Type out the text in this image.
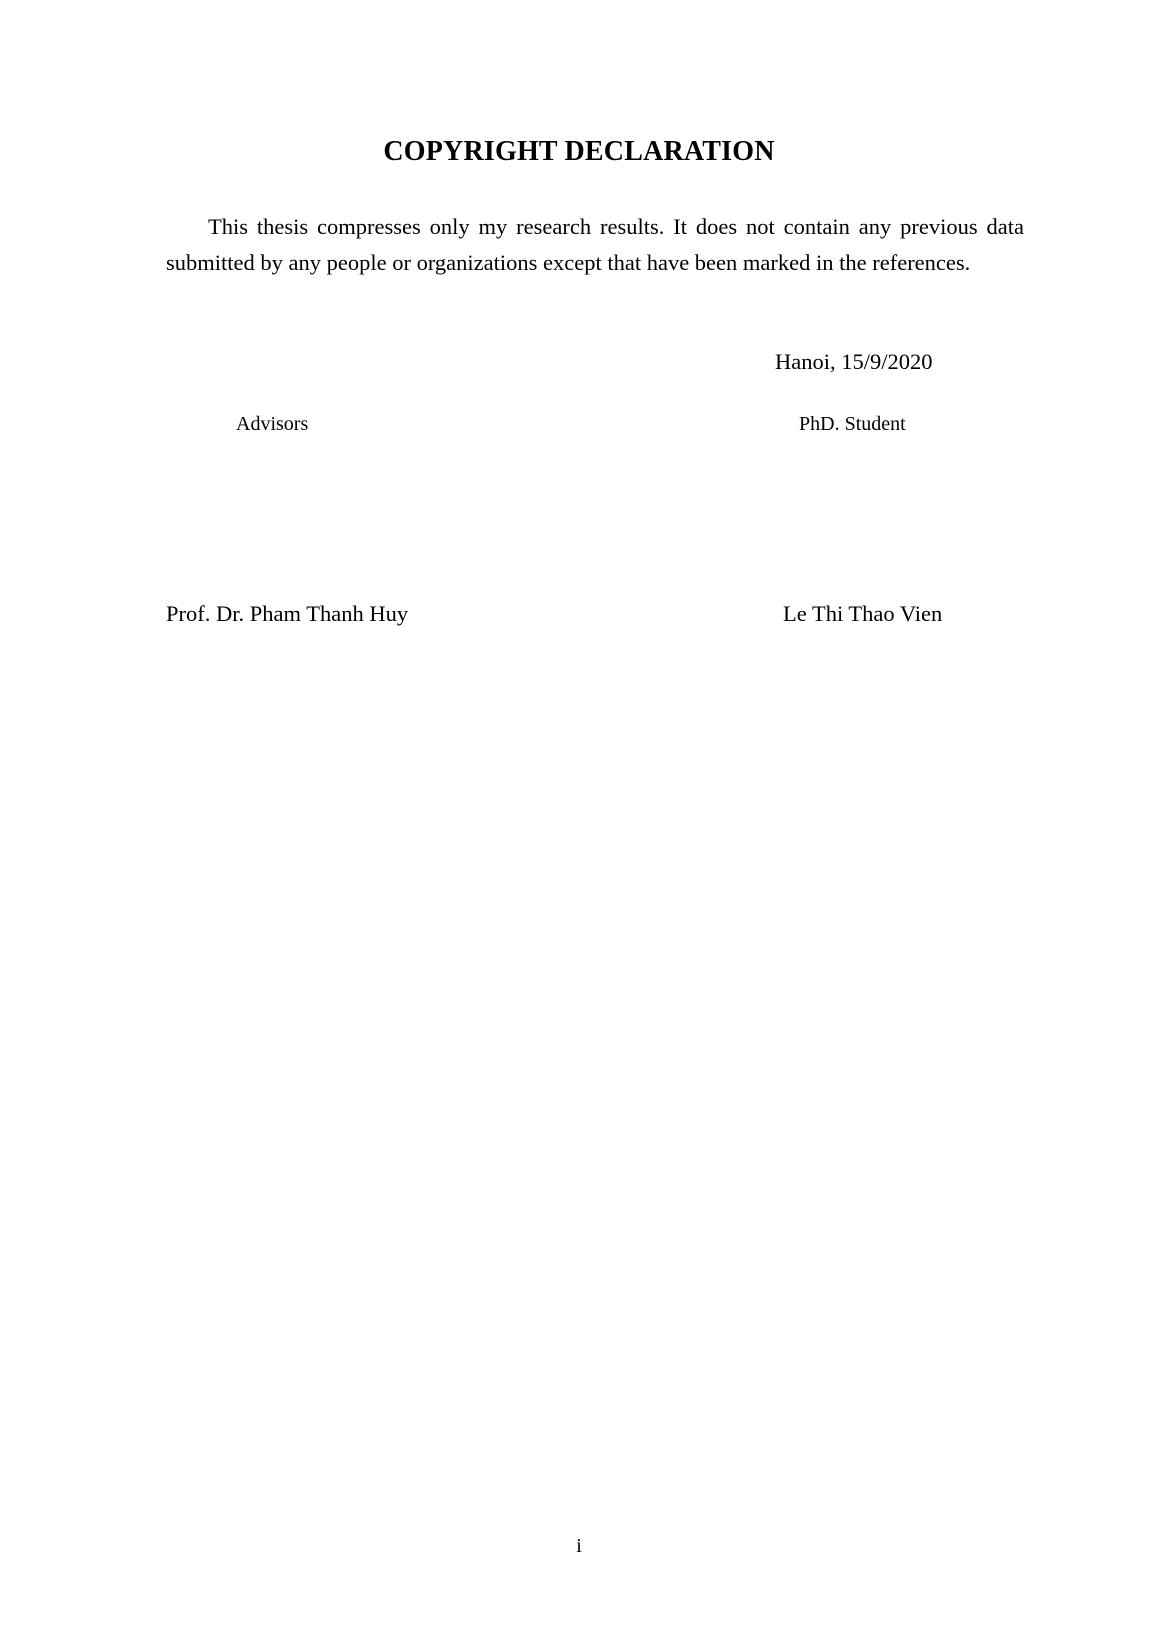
COPYRIGHT DECLARATION

This thesis compresses only my research results. It does not contain any previous data submitted by any people or organizations except that have been marked in the references.

Hanoi, 15/9/2020
Advisors	PhD. Student
Prof. Dr. Pham Thanh Huy	Le Thi Thao Vien
i
